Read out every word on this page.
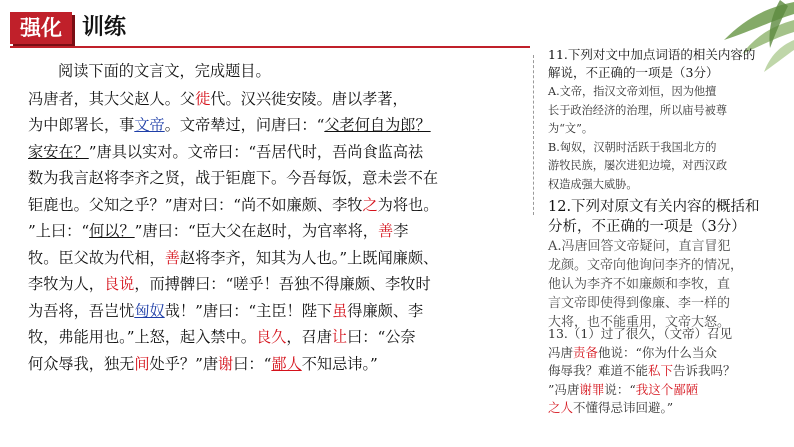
强化 训练

阅读下面的文言文，完成题目。

冯唐者，其大父赵人。父徙代。汉兴徙安陵。唐以孝著，

为中郎署长，事文帝。文帝辇过，问唐曰：“父老何自为郎？

家安在？”唐具以实对。文帝曰：“吾居代时，吾尚食监高祛

数为我言赵将李齐之贤，战于钜鹿下。今吾每饭，意未尝不在

钜鹿也。父知之乎？”唐对曰：“尚不如廉颇、李牧之为将也。

”上曰：“何以？”唐曰：“臣大父在赵时，为官率将，善李

牧。臣父故为代相，善赵将李齐，知其为人也。”上既闻廉颇、

李牧为人，良说，而搏髀曰：“嗟乎！吾独不得廉颇、李牧时

为吾将，吾岂忧匈奴哉！”唐曰：“主臣！陛下虽得廉颇、李

牧，弗能用也。”上怒，起入禁中。良久，召唐让曰：“公奈

何众辱我，独无间处乎？”唐谢曰：“鄙人不知忌讳。”

11.下列对文中加点词语的相关内容的
解说，不正确的一项是（3分）
A.文帝，指汉文帝刘恒，因为他擅
长于政治经济的治理，所以庙号被尊
为“文”。
B.匈奴，汉朝时活跃于我国北方的
游牧民族，屡次进犯边境，对西汉政
权造成强大威胁。
12.下列对原文有关内容的概括和
分析，不正确的一项是（3分）
A.冯唐回答文帝疑问，直言冒犯
龙颜。文帝向他询问李齐的情况，
他认为李齐不如廉颇和李牧，直
言文帝即使得到像廉、李一样的
大将，也不能重用，文帝大怒。
13.（1）过了很久，（文帝）召见
冯唐责备他说：“你为什么当众
侮辱我？难道不能私下告诉我吗？
”冯唐谢罪说：“我这个鄙陋
之人不懂得忌讳回避。”
